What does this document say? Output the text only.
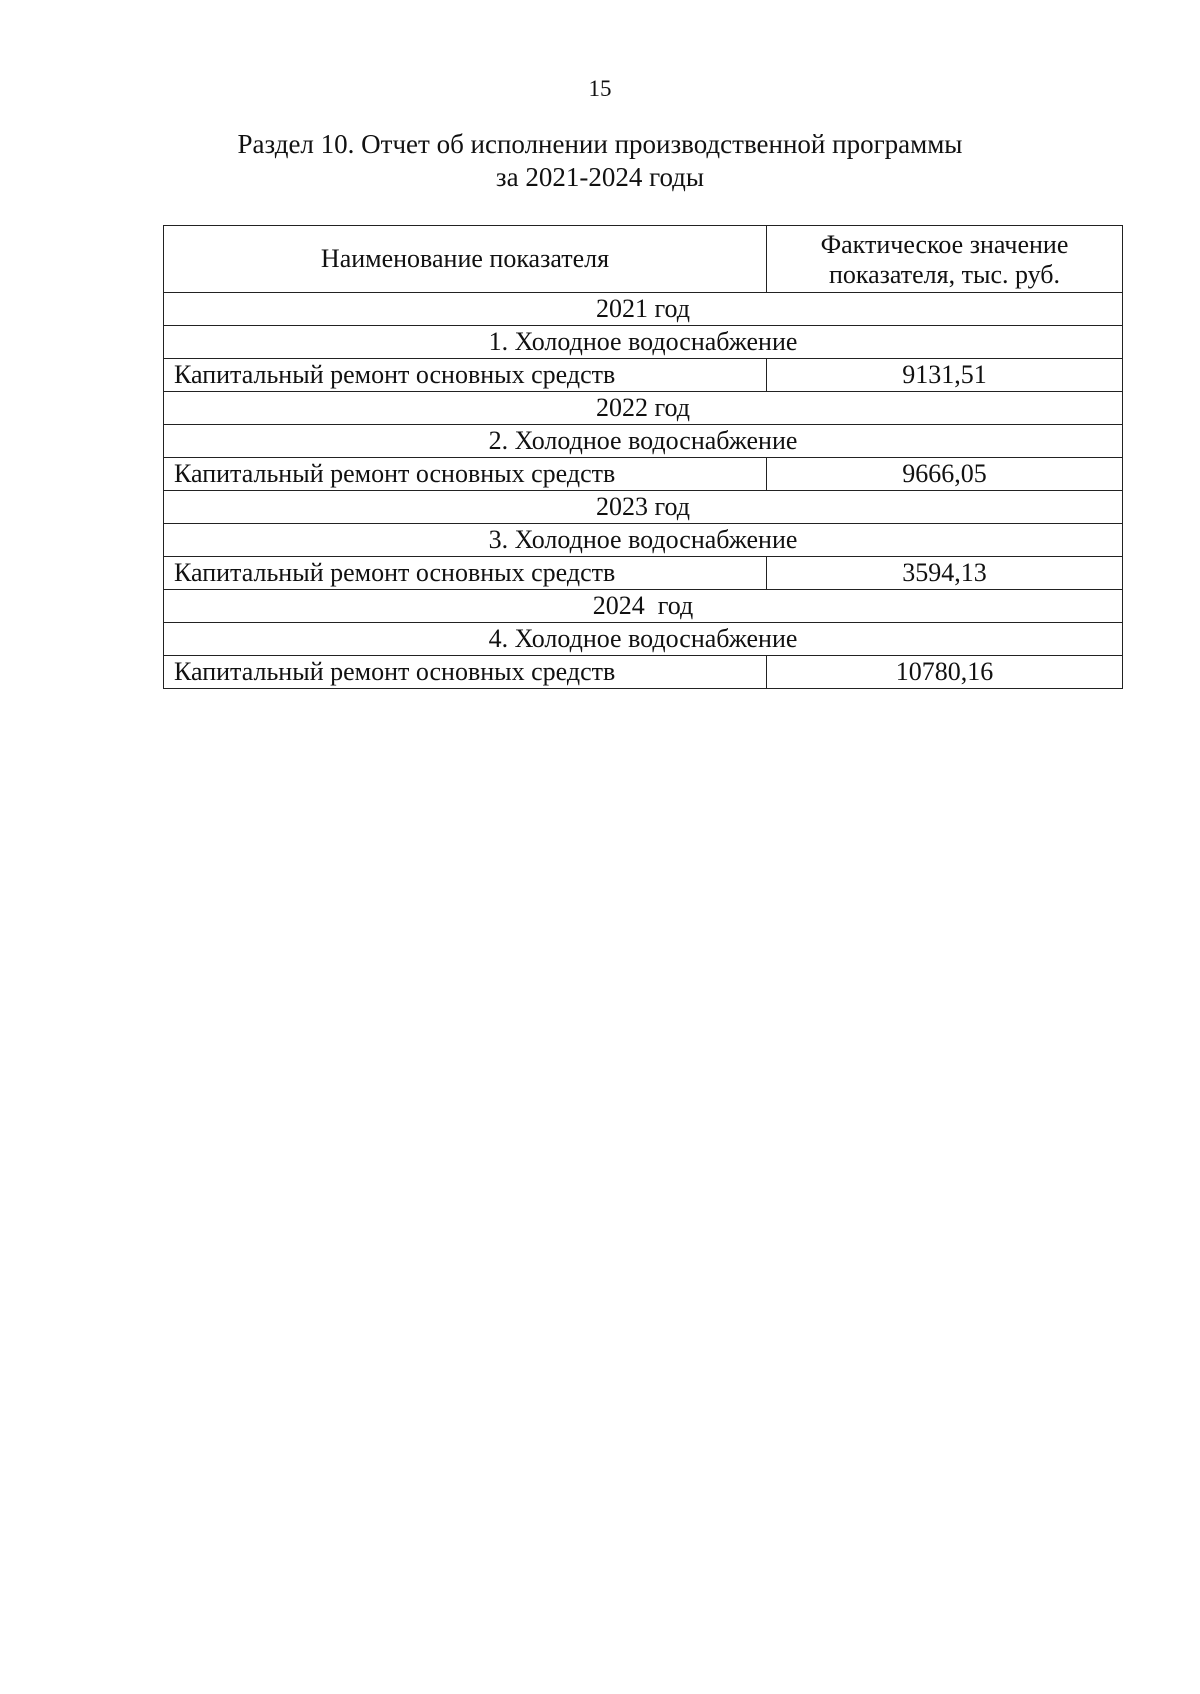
15
Раздел 10. Отчет об исполнении производственной программы
за 2021-2024 годы
Наименование показателя	Фактическое значение показателя, тыс. руб.
2021 год	
1. Холодное водоснабжение	
Капитальный ремонт основных средств	9131,51
2022 год	
2. Холодное водоснабжение	
Капитальный ремонт основных средств	9666,05
2023 год	
3. Холодное водоснабжение	
Капитальный ремонт основных средств	3594,13
2024  год	
4. Холодное водоснабжение	
Капитальный ремонт основных средств	10780,16
